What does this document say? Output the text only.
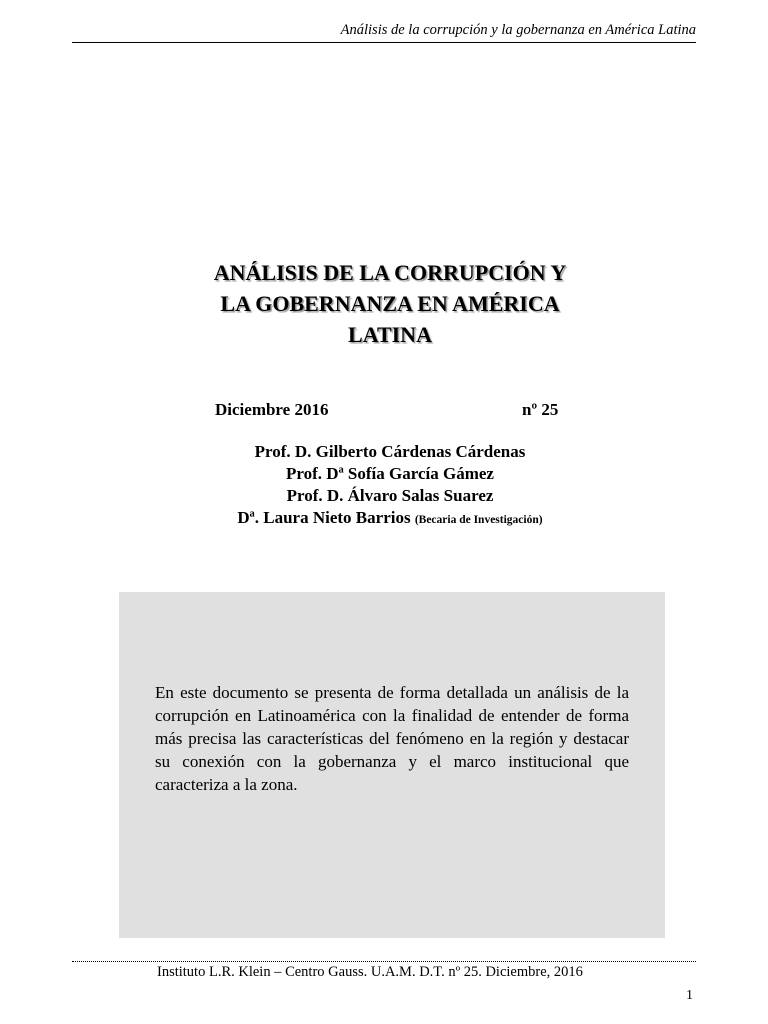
Análisis de la corrupción y la gobernanza en América Latina
ANÁLISIS DE LA CORRUPCIÓN Y
LA GOBERNANZA EN AMÉRICA
LATINA
Diciembre 2016	nº 25
Prof. D. Gilberto Cárdenas Cárdenas
Prof. Dª Sofía García Gámez
Prof. D. Álvaro Salas Suarez
Dª. Laura Nieto Barrios (Becaria de Investigación)

En este documento se presenta de forma detallada un análisis de la corrupción en Latinoamérica con la finalidad de entender de forma más precisa las características del fenómeno en la región y destacar su conexión con la gobernanza y el marco institucional que caracteriza a la zona.

Instituto L.R. Klein – Centro Gauss. U.A.M. D.T. nº 25. Diciembre, 2016
1
